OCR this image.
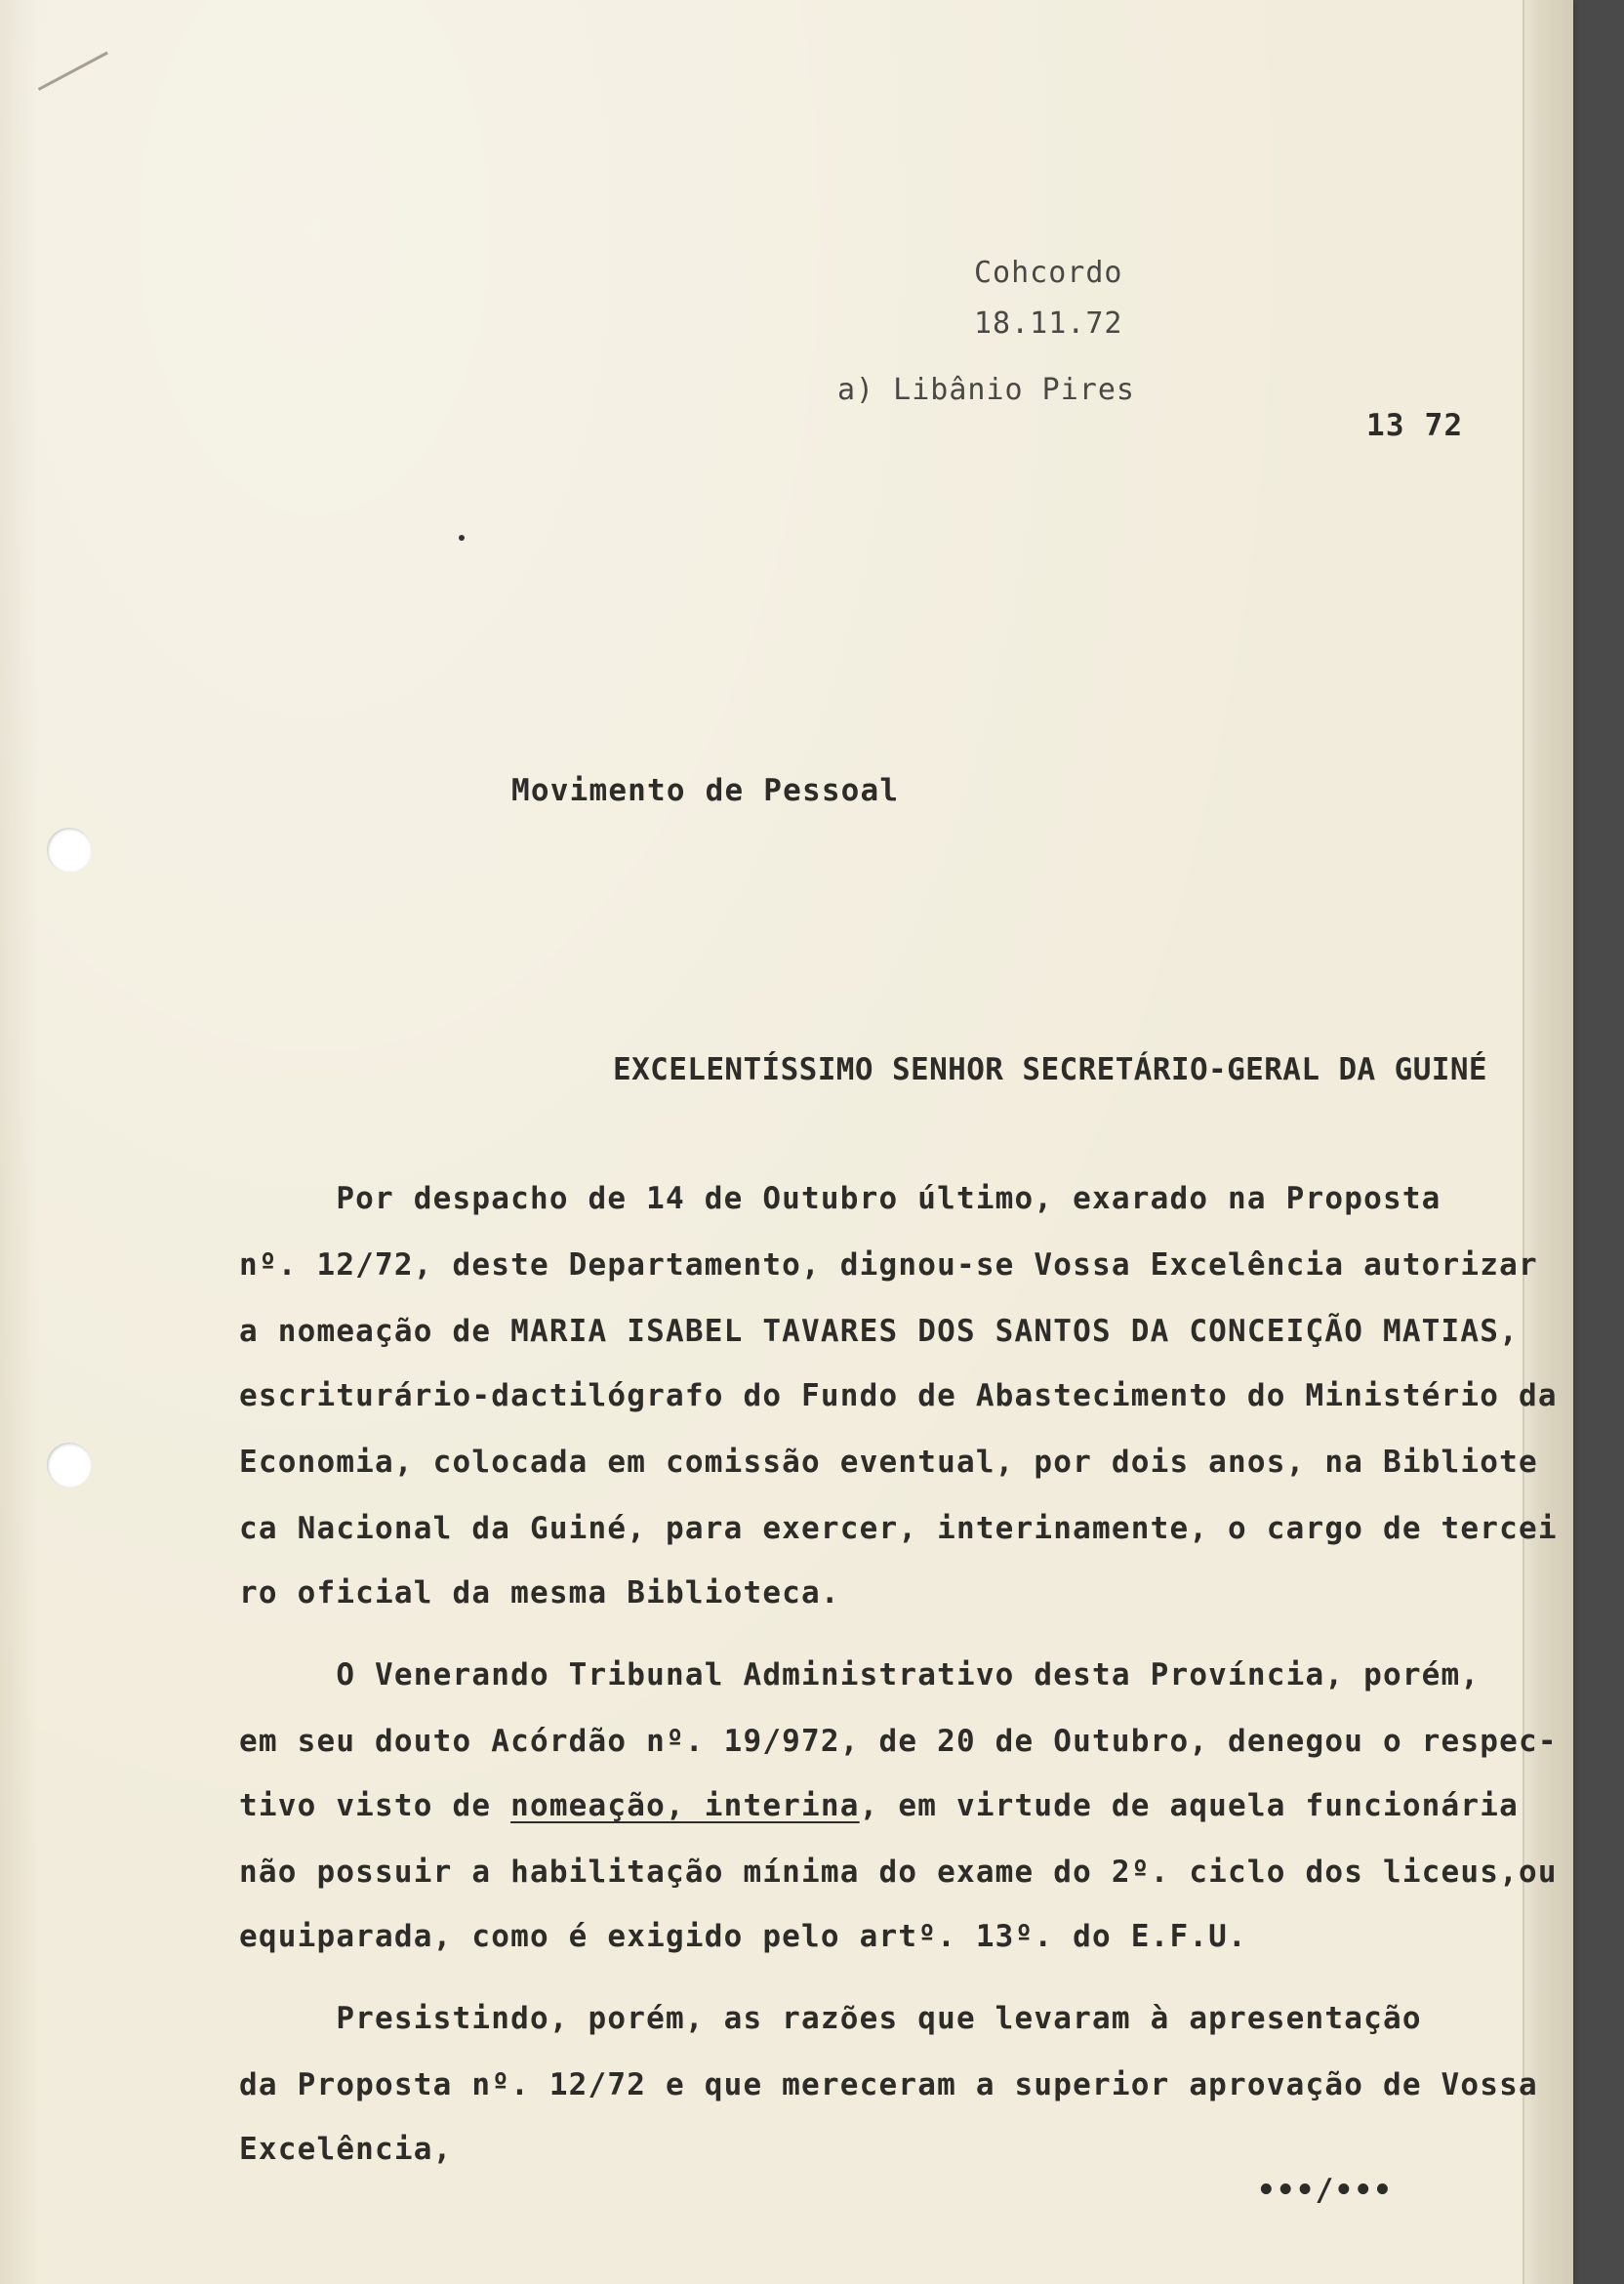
Cohcordo
18.11.72
a) Libânio Pires
13 72
Movimento de Pessoal
EXCELENTÍSSIMO SENHOR SECRETÁRIO-GERAL DA GUINÉ
Por despacho de 14 de Outubro último, exarado na Proposta
nº. 12/72, deste Departamento, dignou-se Vossa Excelência autorizar
a nomeação de MARIA ISABEL TAVARES DOS SANTOS DA CONCEIÇÃO MATIAS,
escriturário-dactilógrafo do Fundo de Abastecimento do Ministério da
Economia, colocada em comissão eventual, por dois anos, na Bibliotе
ca Nacional da Guiné, para exercer, interinamente, o cargo de terceі
ro oficial da mesma Biblioteca.
O Venerando Tribunal Administrativo desta Província, porém,
em seu douto Acórdão nº. 19/972, de 20 de Outubro, denegou o respec-
tivo visto de nomeação, interina, em virtude de aquela funcionária
não possuir a habilitação mínima do exame do 2º. ciclo dos liceus,ou
equiparada, como é exigido pelo artº. 13º. do E.F.U.
Presistindo, porém, as razões que levaram à apresentação
da Proposta nº. 12/72 e que mereceram a superior aprovação de Vossa
Excelência,
•••/•••
